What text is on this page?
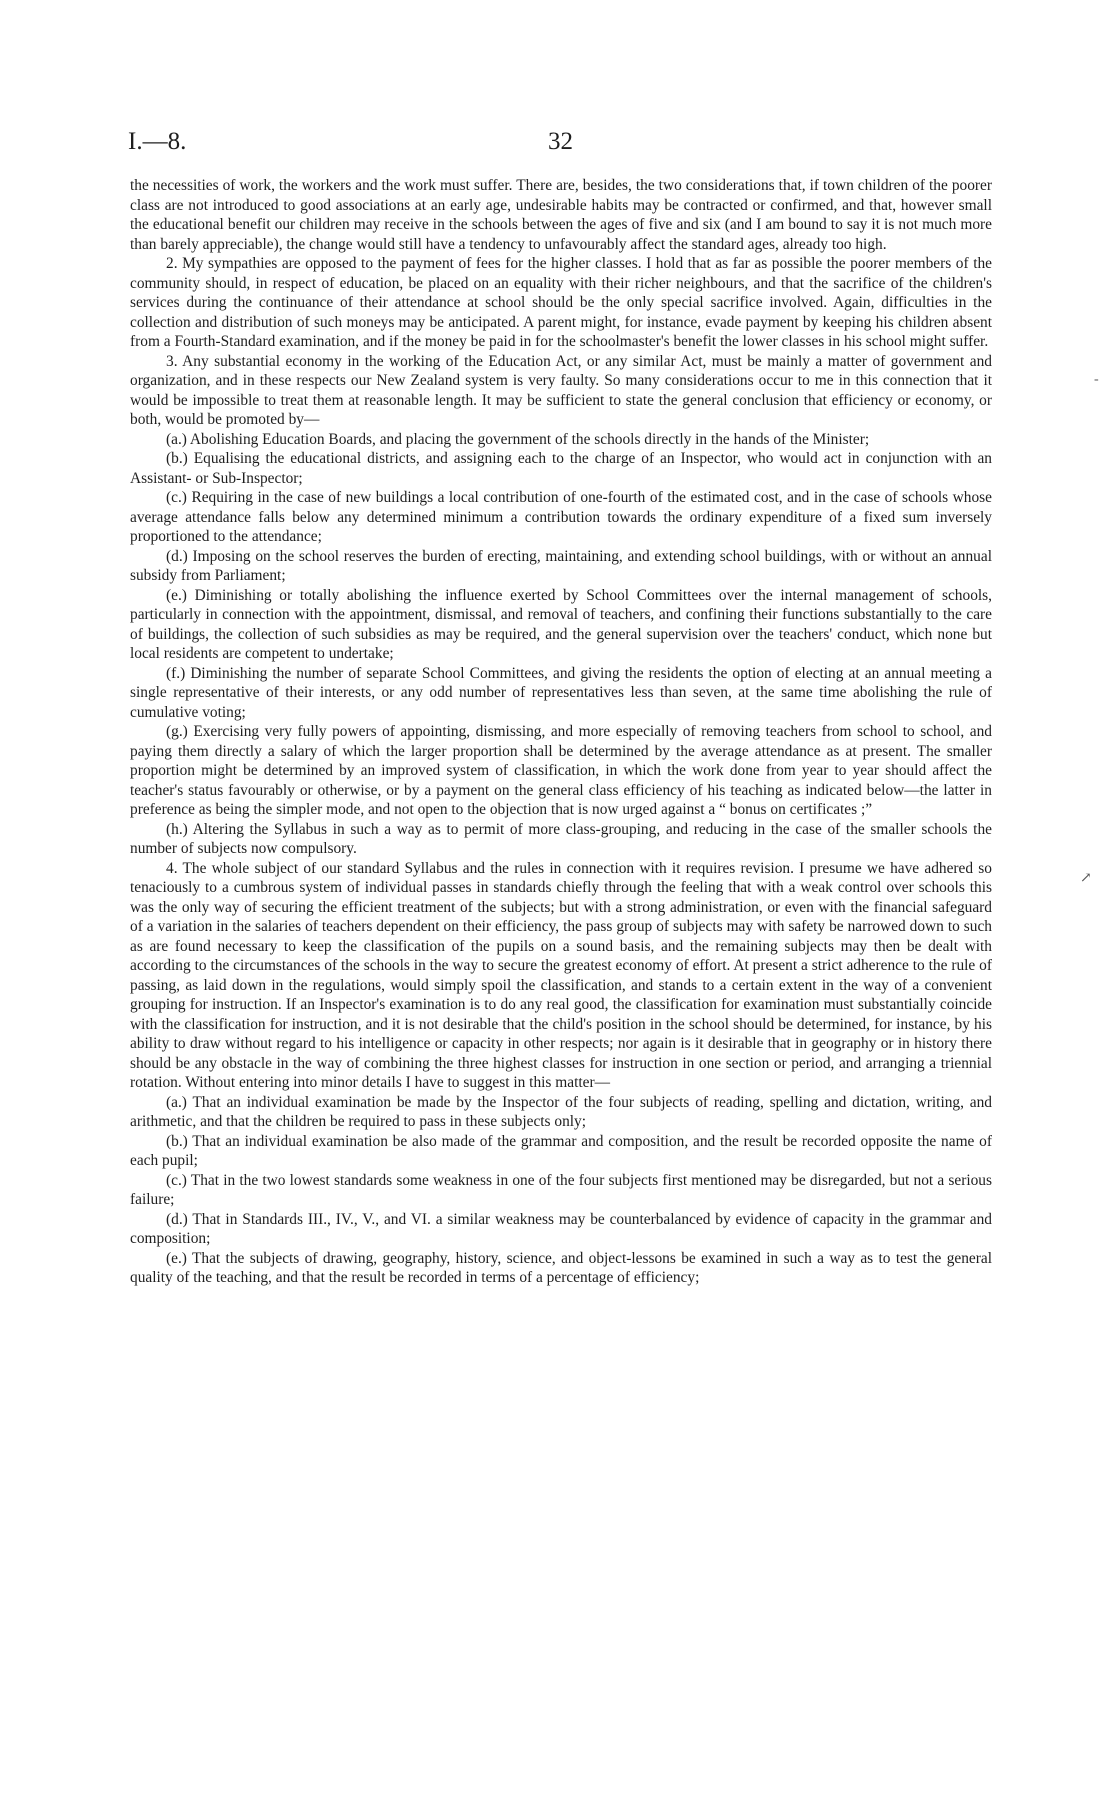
I.—8.	32

the necessities of work, the workers and the work must suffer. There are, besides, the two considerations that, if town children of the poorer class are not introduced to good associations at an early age, undesirable habits may be contracted or confirmed, and that, however small the educational benefit our children may receive in the schools between the ages of five and six (and I am bound to say it is not much more than barely appreciable), the change would still have a tendency to unfavourably affect the standard ages, already too high.

2. My sympathies are opposed to the payment of fees for the higher classes. I hold that as far as possible the poorer members of the community should, in respect of education, be placed on an equality with their richer neighbours, and that the sacrifice of the children's services during the continuance of their attendance at school should be the only special sacrifice involved. Again, difficulties in the collection and distribution of such moneys may be anticipated. A parent might, for instance, evade payment by keeping his children absent from a Fourth-Standard examination, and if the money be paid in for the schoolmaster's benefit the lower classes in his school might suffer.

3. Any substantial economy in the working of the Education Act, or any similar Act, must be mainly a matter of government and organization, and in these respects our New Zealand system is very faulty. So many considerations occur to me in this connection that it would be impossible to treat them at reasonable length. It may be sufficient to state the general conclusion that efficiency or economy, or both, would be promoted by—

(a.) Abolishing Education Boards, and placing the government of the schools directly in the hands of the Minister;

(b.) Equalising the educational districts, and assigning each to the charge of an Inspector, who would act in conjunction with an Assistant- or Sub-Inspector;

(c.) Requiring in the case of new buildings a local contribution of one-fourth of the estimated cost, and in the case of schools whose average attendance falls below any determined minimum a contribution towards the ordinary expenditure of a fixed sum inversely proportioned to the attendance;

(d.) Imposing on the school reserves the burden of erecting, maintaining, and extending school buildings, with or without an annual subsidy from Parliament;

(e.) Diminishing or totally abolishing the influence exerted by School Committees over the internal management of schools, particularly in connection with the appointment, dismissal, and removal of teachers, and confining their functions substantially to the care of buildings, the collection of such subsidies as may be required, and the general supervision over the teachers' conduct, which none but local residents are competent to undertake;

(f.) Diminishing the number of separate School Committees, and giving the residents the option of electing at an annual meeting a single representative of their interests, or any odd number of representatives less than seven, at the same time abolishing the rule of cumulative voting;

(g.) Exercising very fully powers of appointing, dismissing, and more especially of removing teachers from school to school, and paying them directly a salary of which the larger proportion shall be determined by the average attendance as at present. The smaller proportion might be determined by an improved system of classification, in which the work done from year to year should affect the teacher's status favourably or otherwise, or by a payment on the general class efficiency of his teaching as indicated below—the latter in preference as being the simpler mode, and not open to the objection that is now urged against a “ bonus on certificates ;”

(h.) Altering the Syllabus in such a way as to permit of more class-grouping, and reducing in the case of the smaller schools the number of subjects now compulsory.

4. The whole subject of our standard Syllabus and the rules in connection with it requires revision. I presume we have adhered so tenaciously to a cumbrous system of individual passes in standards chiefly through the feeling that with a weak control over schools this was the only way of securing the efficient treatment of the subjects; but with a strong administration, or even with the financial safeguard of a variation in the salaries of teachers dependent on their efficiency, the pass group of subjects may with safety be narrowed down to such as are found necessary to keep the classification of the pupils on a sound basis, and the remaining subjects may then be dealt with according to the circumstances of the schools in the way to secure the greatest economy of effort. At present a strict adherence to the rule of passing, as laid down in the regulations, would simply spoil the classification, and stands to a certain extent in the way of a convenient grouping for instruction. If an Inspector's examination is to do any real good, the classification for examination must substantially coincide with the classification for instruction, and it is not desirable that the child's position in the school should be determined, for instance, by his ability to draw without regard to his intelligence or capacity in other respects; nor again is it desirable that in geography or in history there should be any obstacle in the way of combining the three highest classes for instruction in one section or period, and arranging a triennial rotation. Without entering into minor details I have to suggest in this matter—

(a.) That an individual examination be made by the Inspector of the four subjects of reading, spelling and dictation, writing, and arithmetic, and that the children be required to pass in these subjects only;

(b.) That an individual examination be also made of the grammar and composition, and the result be recorded opposite the name of each pupil;

(c.) That in the two lowest standards some weakness in one of the four subjects first mentioned may be disregarded, but not a serious failure;

(d.) That in Standards III., IV., V., and VI. a similar weakness may be counterbalanced by evidence of capacity in the grammar and composition;

(e.) That the subjects of drawing, geography, history, science, and object-lessons be examined in such a way as to test the general quality of the teaching, and that the result be recorded in terms of a percentage of efficiency;

-
↗
